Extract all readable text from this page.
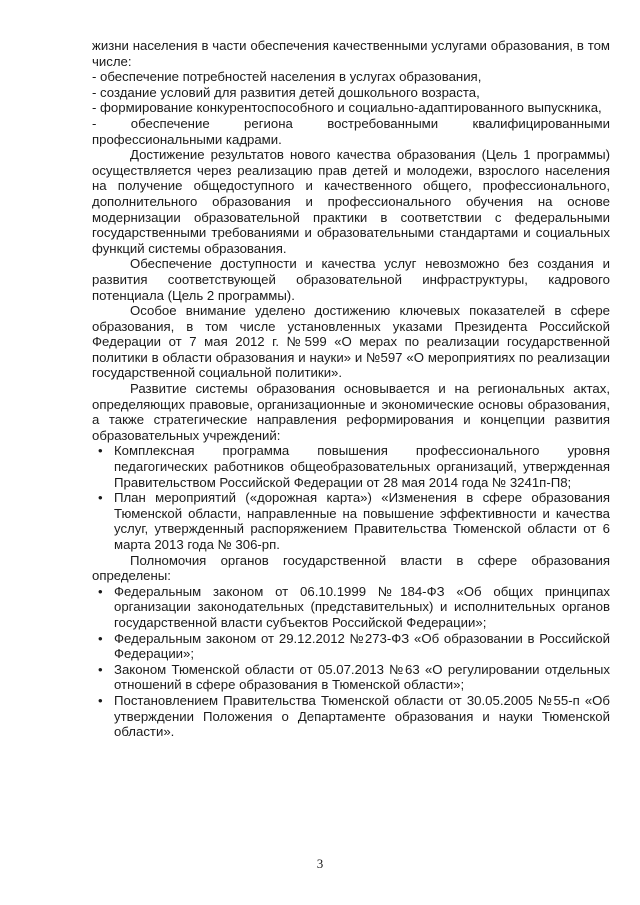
жизни населения в части обеспечения качественными услугами образования, в том числе:

- обеспечение потребностей населения в услугах образования,

- создание условий для развития детей дошкольного возраста,

- формирование конкурентоспособного и социально-адаптированного выпускника,

- обеспечение региона востребованными квалифицированными профессиональными кадрами.

Достижение результатов нового качества образования (Цель 1 программы) осуществляется через реализацию прав детей и молодежи, взрослого населения на получение общедоступного и качественного общего, профессионального, дополнительного образования и профессионального обучения на основе модернизации образовательной практики в соответствии с федеральными государственными требованиями и образовательными стандартами и социальных функций системы образования.

Обеспечение доступности и качества услуг невозможно без создания и развития соответствующей образовательной инфраструктуры, кадрового потенциала (Цель 2 программы).

Особое внимание уделено достижению ключевых показателей в сфере образования, в том числе установленных указами Президента Российской Федерации от 7 мая 2012 г. №599 «О мерах по реализации государственной политики в области образования и науки» и №597 «О мероприятиях по реализации государственной социальной политики».

Развитие системы образования основывается и на региональных актах, определяющих правовые, организационные и экономические основы образования, а также стратегические направления реформирования и концепции развития образовательных учреждений:

• Комплексная программа повышения профессионального уровня педагогических работников общеобразовательных организаций, утвержденная Правительством Российской Федерации от 28 мая 2014 года № 3241п-П8;
• План мероприятий («дорожная карта») «Изменения в сфере образования Тюменской области, направленные на повышение эффективности и качества услуг, утвержденный распоряжением Правительства Тюменской области от 6 марта 2013 года № 306-рп.

Полномочия органов государственной власти в сфере образования определены:

• Федеральным законом от 06.10.1999 №184-ФЗ «Об общих принципах организации законодательных (представительных) и исполнительных органов государственной власти субъектов Российской Федерации»;
• Федеральным законом от 29.12.2012 №273-ФЗ «Об образовании в Российской Федерации»;
• Законом Тюменской области от 05.07.2013 №63 «О регулировании отдельных отношений в сфере образования в Тюменской области»;
• Постановлением Правительства Тюменской области от 30.05.2005 №55-п «Об утверждении Положения о Департаменте образования и науки Тюменской области».
3
